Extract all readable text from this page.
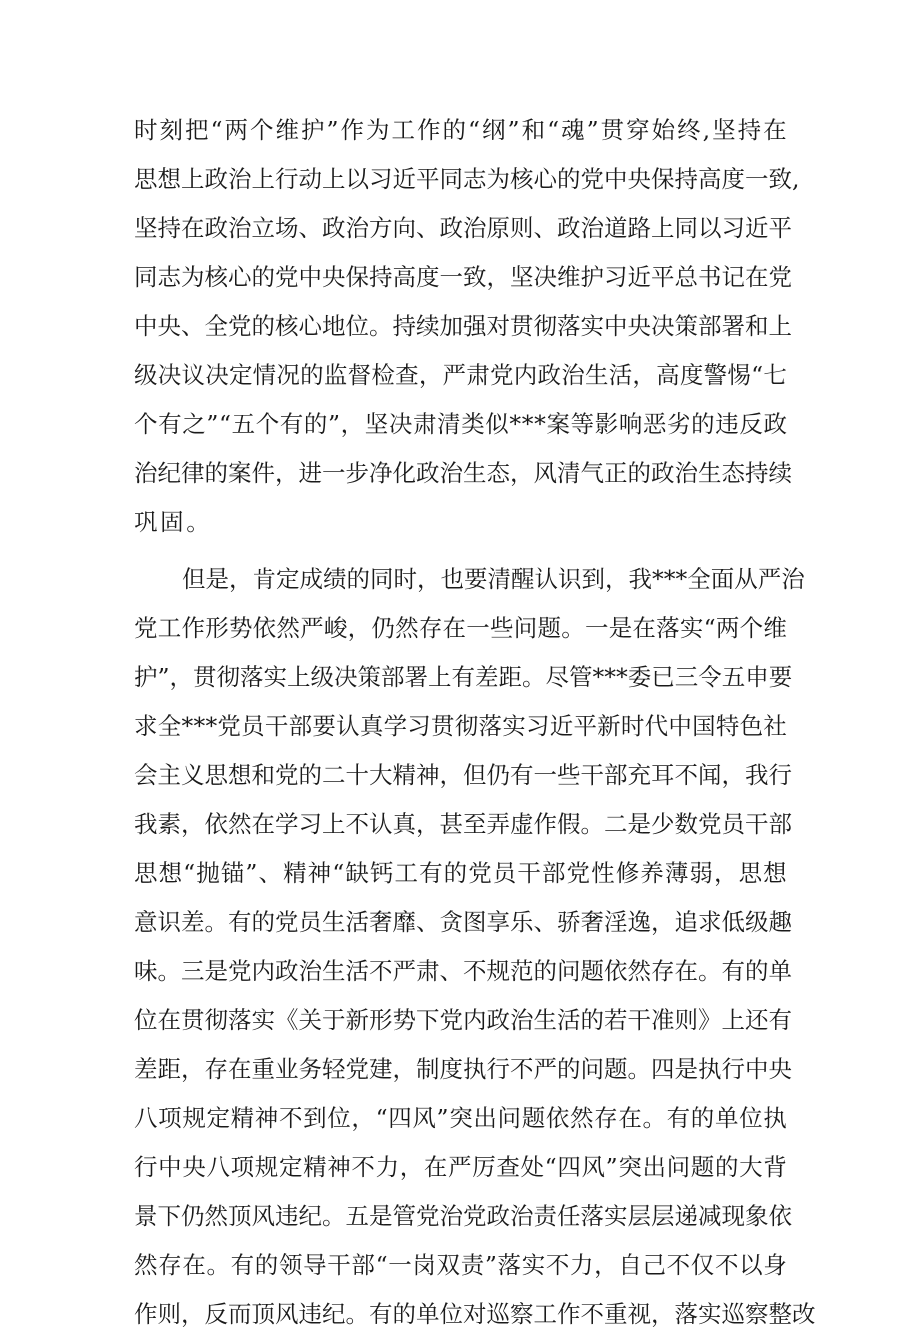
时 刻 把 “ 两 个 维 护 ” 作 为 工 作 的 “ 纲 ” 和 “ 魂 ” 贯 穿 始 终 , 坚 持 在
思 想 上 政 治 上 行 动 上 以 习 近 平 同 志 为 核 心 的 党 中 央 保 持 高 度 一 致 ,
坚 持 在 政 治 立 场 、 政 治 方 向 、 政 治 原 则 、 政 治 道 路 上 同 以 习 近 平
同 志 为 核 心 的 党 中 央 保 持 高 度 一 致 ， 坚 决 维 护 习 近 平 总 书 记 在 党
中 央 、 全 党 的 核 心 地 位 。 持 续 加 强 对 贯 彻 落 实 中 央 决 策 部 署 和 上
级 决 议 决 定 情 况 的 监 督 检 查 ， 严 肃 党 内 政 治 生 活 ， 高 度 警 惕 “ 七
个 有 之 ” “ 五 个 有 的 ” ， 坚 决 肃 清 类 似 * * * 案 等 影 响 恶 劣 的 违 反 政
治 纪 律 的 案 件 ， 进 一 步 净 化 政 治 生 态 ， 风 清 气 正 的 政 治 生 态 持 续
巩固。
但 是 ， 肯 定 成 绩 的 同 时 ， 也 要 清 醒 认 识 到 ， 我 * * * 全 面 从 严 治
党 工 作 形 势 依 然 严 峻 ， 仍 然 存 在 一 些 问 题 。 一 是 在 落 实 “ 两 个 维
护 ” ， 贯 彻 落 实 上 级 决 策 部 署 上 有 差 距 。 尽 管 * * * 委 已 三 令 五 申 要
求 全 * * * 党 员 干 部 要 认 真 学 习 贯 彻 落 实 习 近 平 新 时 代 中 国 特 色 社
会 主 义 思 想 和 党 的 二 十 大 精 神 ， 但 仍 有 一 些 干 部 充 耳 不 闻 ， 我 行
我 素 ， 依 然 在 学 习 上 不 认 真 ， 甚 至 弄 虚 作 假 。 二 是 少 数 党 员 干 部
思 想 “ 抛 锚 ” 、 精 神 “ 缺 钙 工 有 的 党 员 干 部 党 性 修 养 薄 弱 ， 思 想
意 识 差 。 有 的 党 员 生 活 奢 靡 、 贪 图 享 乐 、 骄 奢 淫 逸 ， 追 求 低 级 趣
味 。 三 是 党 内 政 治 生 活 不 严 肃 、 不 规 范 的 问 题 依 然 存 在 。 有 的 单
位 在 贯 彻 落 实 《 关 于 新 形 势 下 党 内 政 治 生 活 的 若 干 准 则 》 上 还 有
差 距 ， 存 在 重 业 务 轻 党 建 ， 制 度 执 行 不 严 的 问 题 。 四 是 执 行 中 央
八 项 规 定 精 神 不 到 位 ， “ 四 风 ” 突 出 问 题 依 然 存 在 。 有 的 单 位 执
行 中 央 八 项 规 定 精 神 不 力 ， 在 严 厉 查 处 “ 四 风 ” 突 出 问 题 的 大 背
景 下 仍 然 顶 风 违 纪 。 五 是 管 党 治 党 政 治 责 任 落 实 层 层 递 减 现 象 依
然 存 在 。 有 的 领 导 干 部 “ 一 岗 双 责 ” 落 实 不 力 ， 自 己 不 仅 不 以 身
作 则 ， 反 而 顶 风 违 纪 。 有 的 单 位 对 巡 察 工 作 不 重 视 ， 落 实 巡 察 整 改
